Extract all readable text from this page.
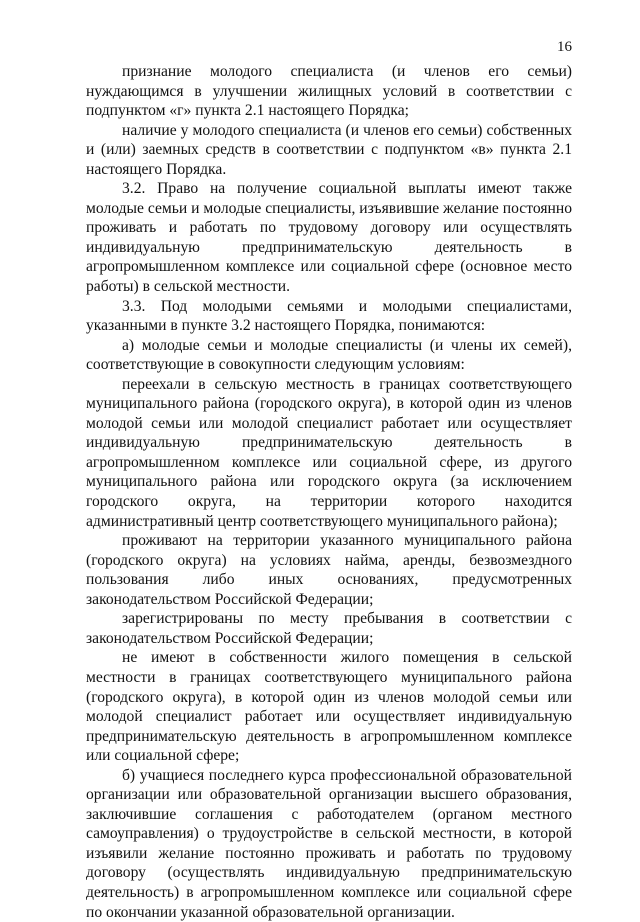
16

признание молодого специалиста (и членов его семьи) нуждающимся в улучшении жилищных условий в соответствии с подпунктом «г» пункта 2.1 настоящего Порядка;

наличие у молодого специалиста (и членов его семьи) собственных и (или) заемных средств в соответствии с подпунктом «в» пункта 2.1 настоящего Порядка.

3.2. Право на получение социальной выплаты имеют также молодые семьи и молодые специалисты, изъявившие желание постоянно проживать и работать по трудовому договору или осуществлять индивидуальную предпринимательскую деятельность в агропромышленном комплексе или социальной сфере (основное место работы) в сельской местности.

3.3. Под молодыми семьями и молодыми специалистами, указанными в пункте 3.2 настоящего Порядка, понимаются:

а) молодые семьи и молодые специалисты (и члены их семей), соответствующие в совокупности следующим условиям:

переехали в сельскую местность в границах соответствующего муниципального района (городского округа), в которой один из членов молодой семьи или молодой специалист работает или осуществляет индивидуальную предпринимательскую деятельность в агропромышленном комплексе или социальной сфере, из другого муниципального района или городского округа (за исключением городского округа, на территории которого находится административный центр соответствующего муниципального района);

проживают на территории указанного муниципального района (городского округа) на условиях найма, аренды, безвозмездного пользования либо иных основаниях, предусмотренных законодательством Российской Федерации;

зарегистрированы по месту пребывания в соответствии с законодательством Российской Федерации;

не имеют в собственности жилого помещения в сельской местности в границах соответствующего муниципального района (городского округа), в которой один из членов молодой семьи или молодой специалист работает или осуществляет индивидуальную предпринимательскую деятельность в агропромышленном комплексе или социальной сфере;

б) учащиеся последнего курса профессиональной образовательной организации или образовательной организации высшего образования, заключившие соглашения с работодателем (органом местного самоуправления) о трудоустройстве в сельской местности, в которой изъявили желание постоянно проживать и работать по трудовому договору (осуществлять индивидуальную предпринимательскую деятельность) в агропромышленном комплексе или социальной сфере по окончании указанной образовательной организации.
